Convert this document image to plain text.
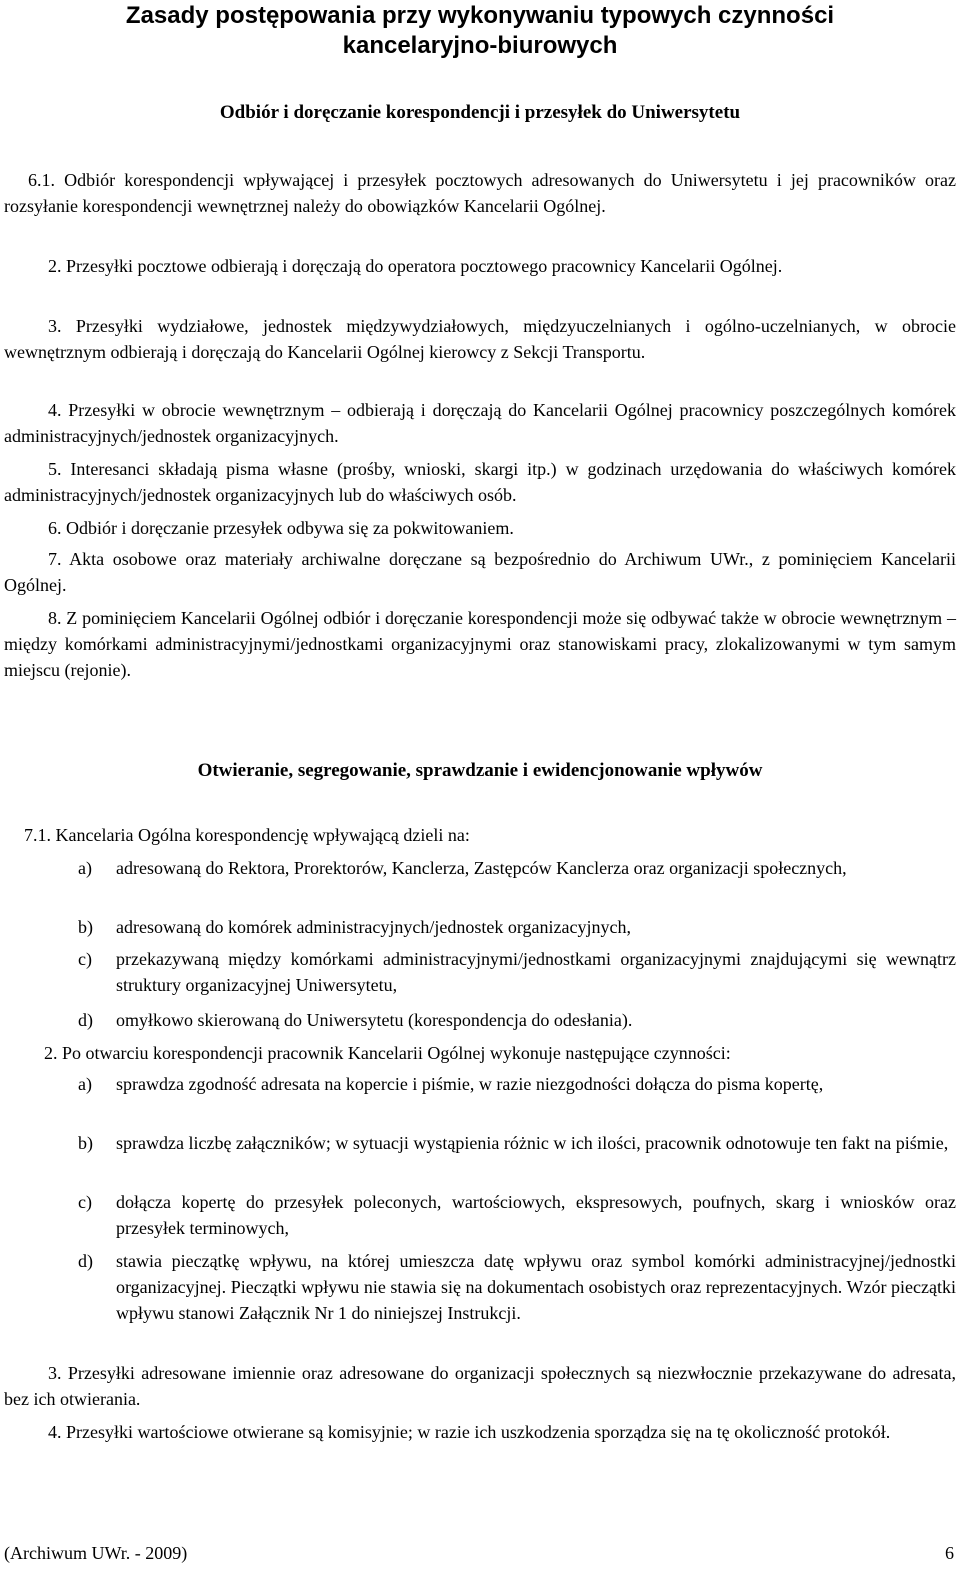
Zasady postępowania przy wykonywaniu typowych czynności
kancelaryjno-biurowych
Odbiór i doręczanie korespondencji i przesyłek do Uniwersytetu
6.1. Odbiór korespondencji wpływającej i przesyłek pocztowych adresowanych do Uniwersytetu i jej pracowników oraz rozsyłanie korespondencji wewnętrznej należy do obowiązków Kancelarii Ogólnej.
2. Przesyłki pocztowe odbierają i doręczają do operatora pocztowego pracownicy Kancelarii Ogólnej.
3. Przesyłki wydziałowe, jednostek międzywydziałowych, międzyuczelnianych i ogólno-uczelnianych, w obrocie wewnętrznym odbierają i doręczają do Kancelarii Ogólnej kierowcy z Sekcji Transportu.
4. Przesyłki w obrocie wewnętrznym – odbierają i doręczają do Kancelarii Ogólnej pracownicy poszczególnych komórek administracyjnych/jednostek organizacyjnych.
5. Interesanci składają pisma własne (prośby, wnioski, skargi itp.) w godzinach urzędowania do właściwych komórek administracyjnych/jednostek organizacyjnych lub do właściwych osób.
6. Odbiór i doręczanie przesyłek odbywa się za pokwitowaniem.
7. Akta osobowe oraz materiały archiwalne doręczane są bezpośrednio do Archiwum UWr., z pominięciem Kancelarii Ogólnej.
8. Z pominięciem Kancelarii Ogólnej odbiór i doręczanie korespondencji może się odbywać także w obrocie wewnętrznym – między komórkami administracyjnymi/jednostkami organizacyjnymi oraz stanowiskami pracy, zlokalizowanymi w tym samym miejscu (rejonie).
Otwieranie, segregowanie, sprawdzanie i ewidencjonowanie wpływów
7.1. Kancelaria Ogólna korespondencję wpływającą dzieli na:
a) adresowaną do Rektora, Prorektorów, Kanclerza, Zastępców Kanclerza oraz organizacji społecznych,
b) adresowaną do komórek administracyjnych/jednostek organizacyjnych,
c) przekazywaną między komórkami administracyjnymi/jednostkami organizacyjnymi znajdującymi się wewnątrz struktury organizacyjnej Uniwersytetu,
d) omyłkowo skierowaną do Uniwersytetu (korespondencja do odesłania).
2. Po otwarciu korespondencji pracownik Kancelarii Ogólnej wykonuje następujące czynności:
a) sprawdza zgodność adresata na kopercie i piśmie, w razie niezgodności dołącza do pisma kopertę,
b) sprawdza liczbę załączników; w sytuacji wystąpienia różnic w ich ilości, pracownik odnotowuje ten fakt na piśmie,
c) dołącza kopertę do przesyłek poleconych, wartościowych, ekspresowych, poufnych, skarg i wniosków oraz przesyłek terminowych,
d) stawia pieczątkę wpływu, na której umieszcza datę wpływu oraz symbol komórki administracyjnej/jednostki organizacyjnej. Pieczątki wpływu nie stawia się na dokumentach osobistych oraz reprezentacyjnych. Wzór pieczątki wpływu stanowi Załącznik Nr 1 do niniejszej Instrukcji.
3. Przesyłki adresowane imiennie oraz adresowane do organizacji społecznych są niezwłocznie przekazywane do adresata, bez ich otwierania.
4. Przesyłki wartościowe otwierane są komisyjnie; w razie ich uszkodzenia sporządza się na tę okoliczność protokół.
(Archiwum UWr. - 2009)	6
